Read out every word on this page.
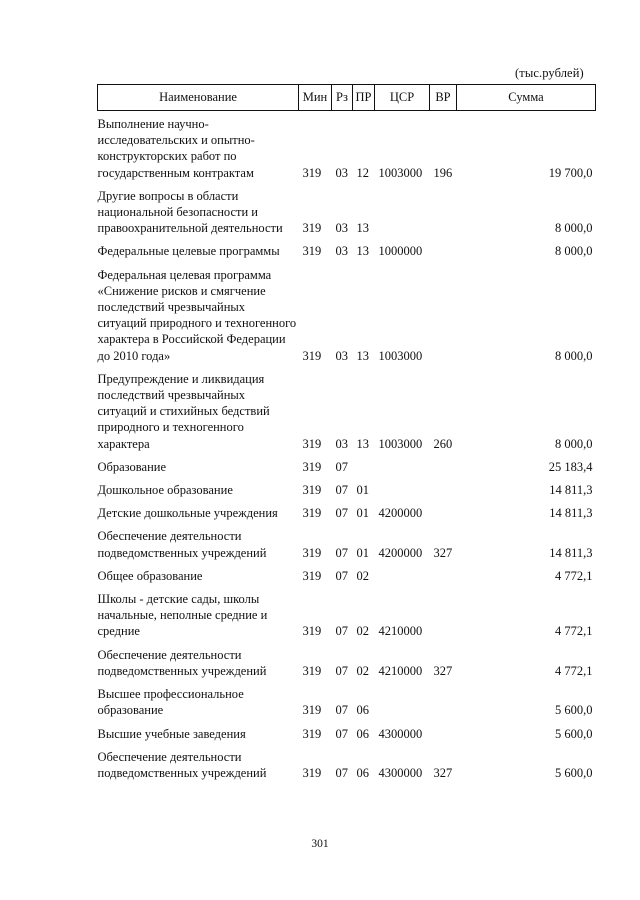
(тыс.рублей)
Наименование	Мин	Рз	ПР	ЦСР	ВР	Сумма
Выполнение научно-исследовательских и опытно-конструкторских работ по государственным контрактам	319	03	12	1003000	196	19 700,0
Другие вопросы в области национальной безопасности и правоохранительной деятельности	319	03	13			8 000,0
Федеральные целевые программы	319	03	13	1000000		8 000,0
Федеральная целевая программа «Снижение рисков и смягчение последствий чрезвычайных ситуаций природного и техногенного характера в Российской Федерации до 2010 года»	319	03	13	1003000		8 000,0
Предупреждение и ликвидация последствий чрезвычайных ситуаций и стихийных бедствий природного и техногенного характера	319	03	13	1003000	260	8 000,0
Образование	319	07				25 183,4
Дошкольное образование	319	07	01			14 811,3
Детские дошкольные учреждения	319	07	01	4200000		14 811,3
Обеспечение деятельности подведомственных учреждений	319	07	01	4200000	327	14 811,3
Общее образование	319	07	02			4 772,1
Школы - детские сады, школы начальные, неполные средние и средние	319	07	02	4210000		4 772,1
Обеспечение деятельности подведомственных учреждений	319	07	02	4210000	327	4 772,1
Высшее профессиональное образование	319	07	06			5 600,0
Высшие учебные заведения	319	07	06	4300000		5 600,0
Обеспечение деятельности подведомственных учреждений	319	07	06	4300000	327	5 600,0
301
